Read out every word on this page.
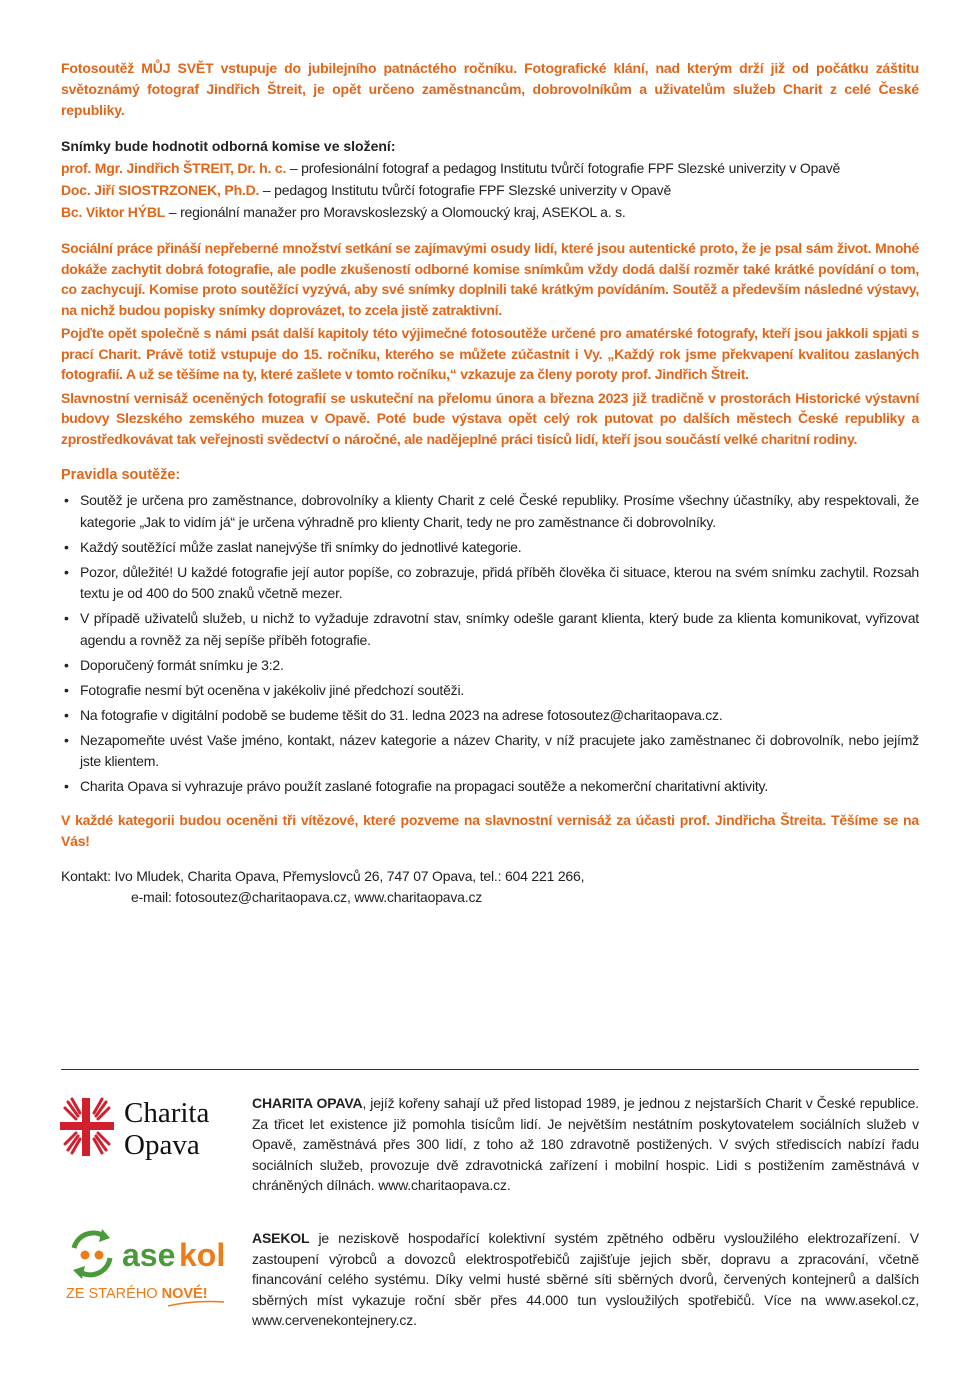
Fotosoutěž MŮJ SVĚT vstupuje do jubilejního patnáctého ročníku. Fotografické klání, nad kterým drží již od počátku záštitu světoznámý fotograf Jindřich Štreit, je opět určeno zaměstnancům, dobrovolníkům a uživatelům služeb Charit z celé České republiky.

Snímky bude hodnotit odborná komise ve složení:

prof. Mgr. Jindřich ŠTREIT, Dr. h. c. – profesionální fotograf a pedagog Institutu tvůrčí fotografie FPF Slezské univerzity v Opavě

Doc. Jiří SIOSTRZONEK, Ph.D. – pedagog Institutu tvůrčí fotografie FPF Slezské univerzity v Opavě

Bc. Viktor HÝBL – regionální manažer pro Moravskoslezský a Olomoucký kraj, ASEKOL a. s.

Sociální práce přináší nepřeberné množství setkání se zajímavými osudy lidí, které jsou autentické proto, že je psal sám život. Mnohé dokáže zachytit dobrá fotografie, ale podle zkušeností odborné komise snímkům vždy dodá další rozměr také krátké povídání o tom, co zachycují. Komise proto soutěžící vyzývá, aby své snímky doplnili také krátkým povídáním. Soutěž a především následné výstavy, na nichž budou popisky snímky doprovázet, to zcela jistě zatraktivní.

Pojďte opět společně s námi psát další kapitoly této výjimečné fotosoutěže určené pro amatérské fotografy, kteří jsou jakkoli spjati s prací Charit. Právě totiž vstupuje do 15. ročníku, kterého se můžete zúčastnit i Vy. „Každý rok jsme překvapení kvalitou zaslaných fotografií. A už se těšíme na ty, které zašlete v tomto ročníku,“ vzkazuje za členy poroty prof. Jindřich Štreit.

Slavnostní vernisáž oceněných fotografií se uskuteční na přelomu února a března 2023 již tradičně v prostorách Historické výstavní budovy Slezského zemského muzea v Opavě. Poté bude výstava opět celý rok putovat po dalších městech České republiky a zprostředkovávat tak veřejnosti svědectví o náročné, ale nadějeplné práci tisíců lidí, kteří jsou součástí velké charitní rodiny.

Pravidla soutěže:

• Soutěž je určena pro zaměstnance, dobrovolníky a klienty Charit z celé České republiky. Prosíme všechny účastníky, aby respektovali, že kategorie „Jak to vidím já“ je určena výhradně pro klienty Charit, tedy ne pro zaměstnance či dobrovolníky.
• Každý soutěžící může zaslat nanejvýše tři snímky do jednotlivé kategorie.
• Pozor, důležité! U každé fotografie její autor popíše, co zobrazuje, přidá příběh člověka či situace, kterou na svém snímku zachytil. Rozsah textu je od 400 do 500 znaků včetně mezer.
• V případě uživatelů služeb, u nichž to vyžaduje zdravotní stav, snímky odešle garant klienta, který bude za klienta komunikovat, vyřizovat agendu a rovněž za něj sepíše příběh fotografie.
• Doporučený formát snímku je 3:2.
• Fotografie nesmí být oceněna v jakékoliv jiné předchozí soutěži.
• Na fotografie v digitální podobě se budeme těšit do 31. ledna 2023 na adrese fotosoutez@charitaopava.cz.
• Nezapomeňte uvést Vaše jméno, kontakt, název kategorie a název Charity, v níž pracujete jako zaměstnanec či dobrovolník, nebo jejímž jste klientem.
• Charita Opava si vyhrazuje právo použít zaslané fotografie na propagaci soutěže a nekomerční charitativní aktivity.

V každé kategorii budou oceněni tři vítězové, které pozveme na slavnostní vernisáž za účasti prof. Jindřicha Štreita. Těšíme se na Vás!

Kontakt: Ivo Mludek, Charita Opava, Přemyslovců 26, 747 07 Opava, tel.: 604 221 266,
e-mail: fotosoutez@charitaopava.cz, www.charitaopava.cz
Charita
Opava

CHARITA OPAVA, jejíž kořeny sahají už před listopad 1989, je jednou z nejstarších Charit v České republice. Za třicet let existence již pomohla tisícům lidí. Je největším nestátním poskytovatelem sociálních služeb v Opavě, zaměstnává přes 300 lidí, z toho až 180 zdravotně postižených. V svých střediscích nabízí řadu sociálních služeb, provozuje dvě zdravotnická zařízení i mobilní hospic. Lidi s postižením zaměstnává v chráněných dílnách. www.charitaopava.cz.

ase kol
ZE STARÉHO NOVÉ!

ASEKOL je neziskově hospodařící kolektivní systém zpětného odběru vysloužilého elektrozařízení. V zastoupení výrobců a dovozců elektrospotřebičů zajišťuje jejich sběr, dopravu a zpracování, včetně financování celého systému. Díky velmi husté sběrné síti sběrných dvorů, červených kontejnerů a dalších sběrných míst vykazuje roční sběr přes 44.000 tun vysloužilých spotřebičů. Více na www.asekol.cz, www.cervenekontejnery.cz.
